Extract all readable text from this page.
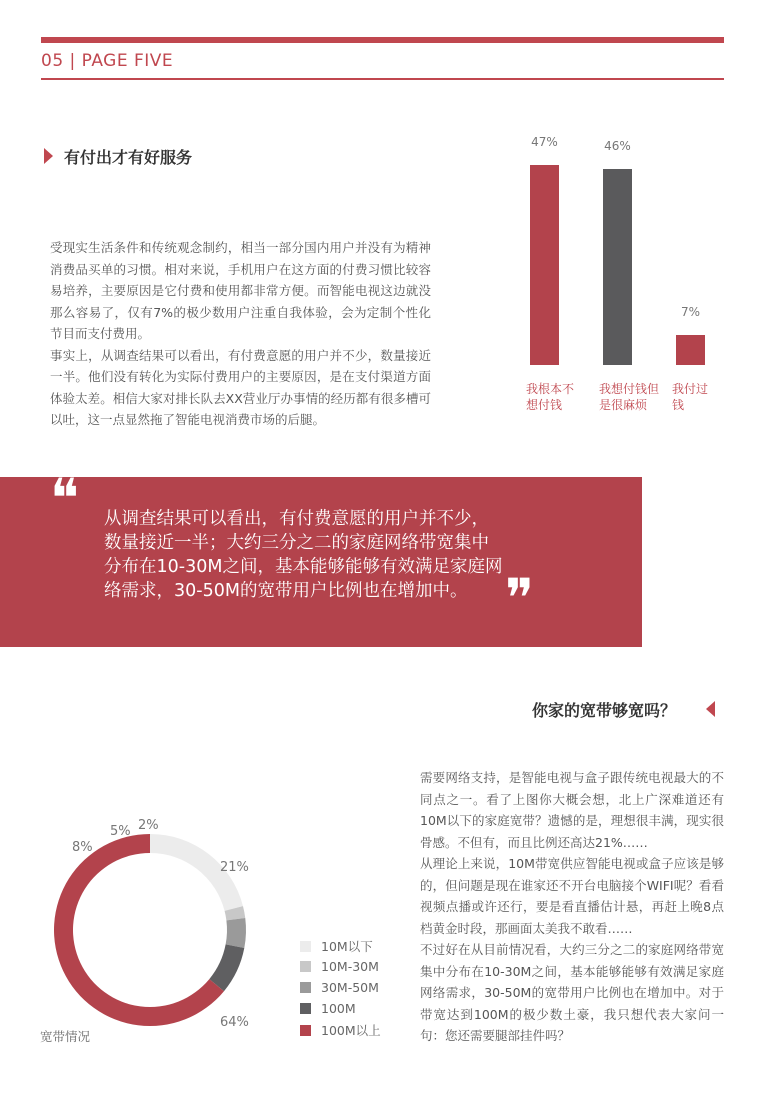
05 | PAGE FIVE
有付出才有好服务

受现实生活条件和传统观念制约，相当一部分国内用户并没有为精神消费品买单的习惯。相对来说，手机用户在这方面的付费习惯比较容易培养，主要原因是它付费和使用都非常方便。而智能电视这边就没那么容易了，仅有7%的极少数用户注重自我体验，会为定制个性化节目而支付费用。

事实上，从调查结果可以看出，有付费意愿的用户并不少，数量接近一半。他们没有转化为实际付费用户的主要原因，是在支付渠道方面体验太差。相信大家对排长队去XX营业厅办事情的经历都有很多槽可以吐，这一点显然拖了智能电视消费市场的后腿。

47%
我根本不
想付钱
46%
我想付钱但
是很麻烦
7%
我付过
钱
❝ 从调查结果可以看出，有付费意愿的用户并不少，数量接近一半；大约三分之二的家庭网络带宽集中分布在10-30M之间，基本能够能够有效满足家庭网络需求，30-50M的宽带用户比例也在增加中。 ❞
你家的宽带够宽吗？
21%
2%
5%
8%
64%
宽带情况
10M以下
10M-30M
30M-50M
100M
100M以上

需要网络支持，是智能电视与盒子跟传统电视最大的不同点之一。看了上图你大概会想，北上广深难道还有10M以下的家庭宽带？遗憾的是，理想很丰满，现实很骨感。不但有，而且比例还高达21%……

从理论上来说，10M带宽供应智能电视或盒子应该是够的，但问题是现在谁家还不开台电脑接个WIFI呢？看看视频点播或许还行，要是看直播估计悬，再赶上晚8点档黄金时段，那画面太美我不敢看……

不过好在从目前情况看，大约三分之二的家庭网络带宽集中分布在10-30M之间，基本能够能够有效满足家庭网络需求，30-50M的宽带用户比例也在增加中。对于带宽达到100M的极少数土豪，我只想代表大家问一句：您还需要腿部挂件吗？
